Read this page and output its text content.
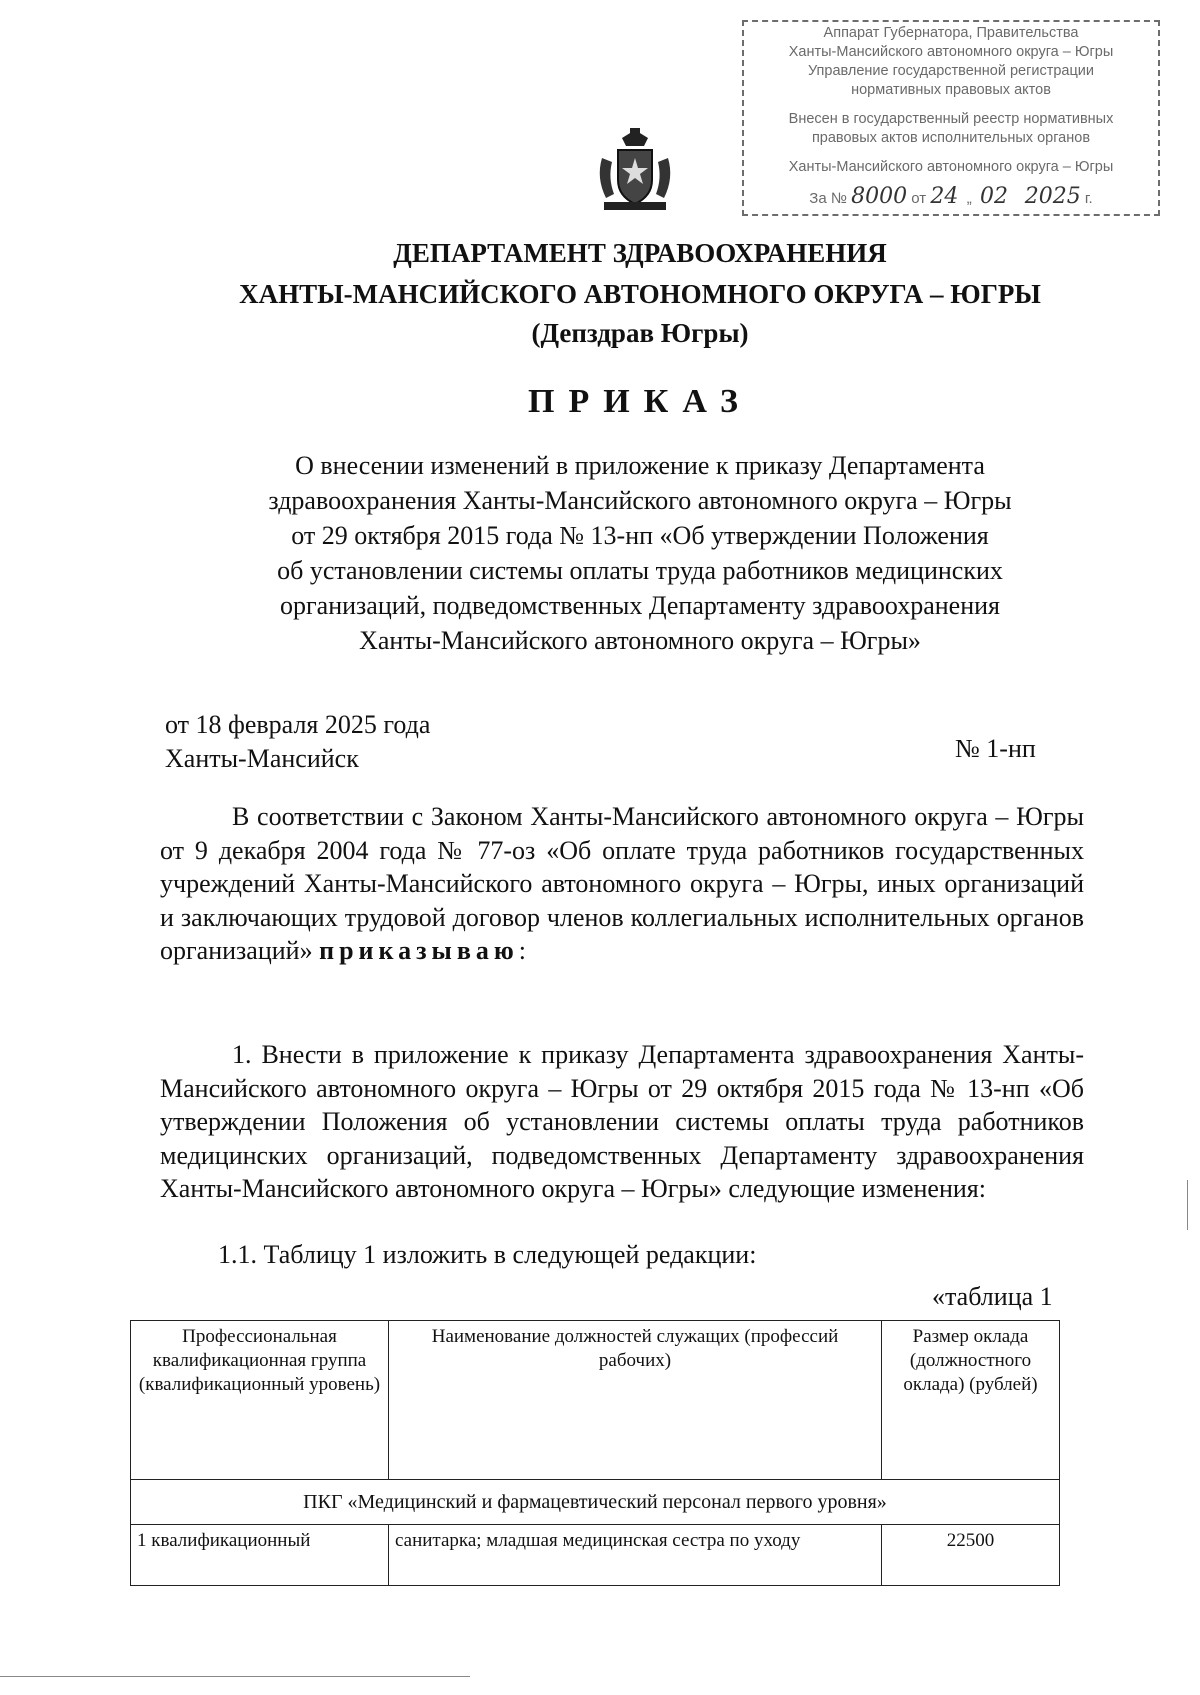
Аппарат Губернатора, Правительства
Ханты-Мансийского автономного округа – Югры
Управление государственной регистрации
нормативных правовых актов
Внесен в государственный реестр нормативных
правовых актов исполнительных органов
Ханты-Мансийского автономного округа – Югры
За № 8000 от 24  „  02 2025 г.
ДЕПАРТАМЕНТ ЗДРАВООХРАНЕНИЯ
ХАНТЫ-МАНСИЙСКОГО АВТОНОМНОГО ОКРУГА – ЮГРЫ
(Депздрав Югры)
ПРИКАЗ
О внесении изменений в приложение к приказу Департамента
здравоохранения Ханты-Мансийского автономного округа – Югры
от 29 октября 2015 года № 13-нп «Об утверждении Положения
об установлении системы оплаты труда работников медицинских
организаций, подведомственных Департаменту здравоохранения
Ханты-Мансийского автономного округа – Югры»
от 18 февраля 2025 года
Ханты-Мансийск	№ 1-нп
В соответствии с Законом Ханты-Мансийского автономного округа – Югры от 9 декабря 2004 года № 77-оз «Об оплате труда работников государственных учреждений Ханты-Мансийского автономного округа – Югры, иных организаций и заключающих трудовой договор членов коллегиальных исполнительных органов организаций» приказываю:
1. Внести в приложение к приказу Департамента здравоохранения Ханты-Мансийского автономного округа – Югры от 29 октября 2015 года № 13-нп «Об утверждении Положения об установлении системы оплаты труда работников медицинских организаций, подведомственных Департаменту здравоохранения Ханты-Мансийского автономного округа – Югры» следующие изменения:
1.1. Таблицу 1 изложить в следующей редакции:
«таблица 1
Профессиональная квалификационная группа (квалификационный уровень)	Наименование должностей служащих (профессий рабочих)	Размер оклада (должностного оклада) (рублей)
ПКГ «Медицинский и фармацевтический персонал первого уровня»		
1 квалификационный	санитарка; младшая медицинская сестра по уходу	22500
